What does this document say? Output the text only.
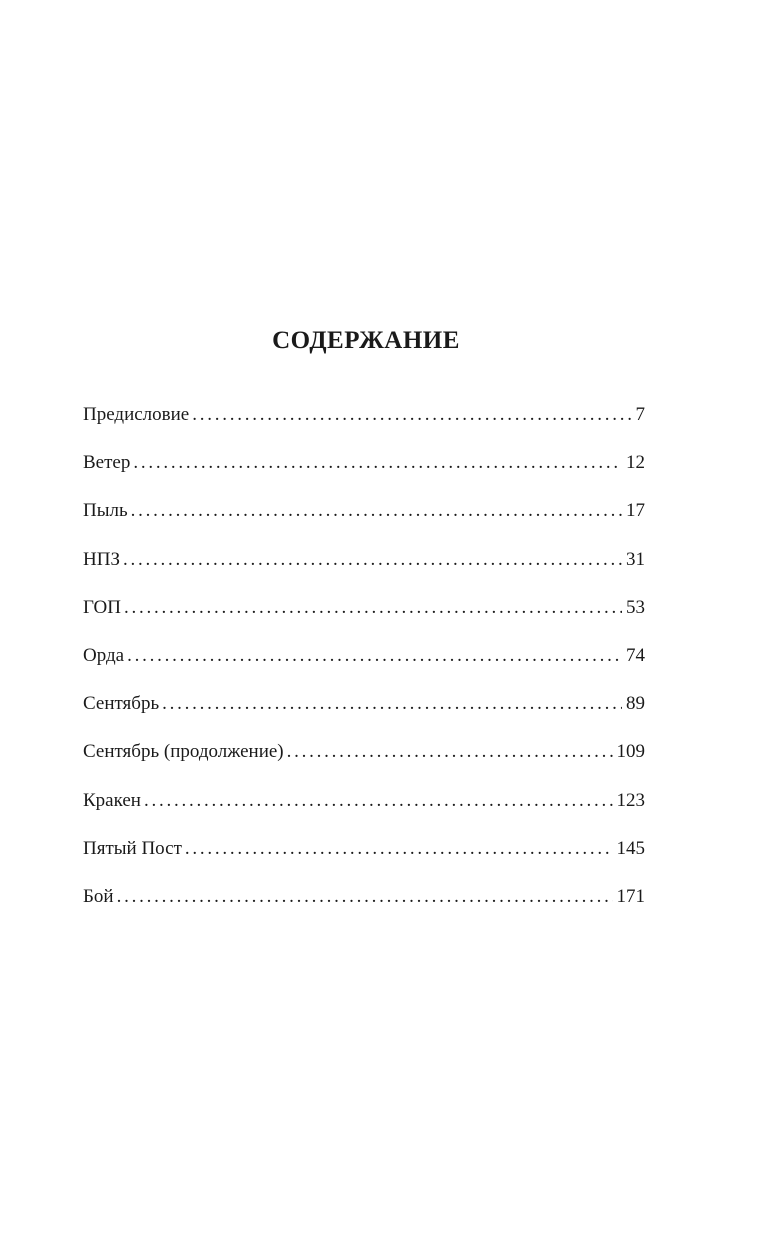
СОДЕРЖАНИЕ
Предисловие . . .	7
Ветер . . .	12
Пыль . . .	17
НПЗ . . .	31
ГОП . . .	53
Орда . . .	74
Сентябрь . . .	89
Сентябрь (продолжение) . . .	109
Кракен . . .	123
Пятый Пост . . .	145
Бой . . .	171
